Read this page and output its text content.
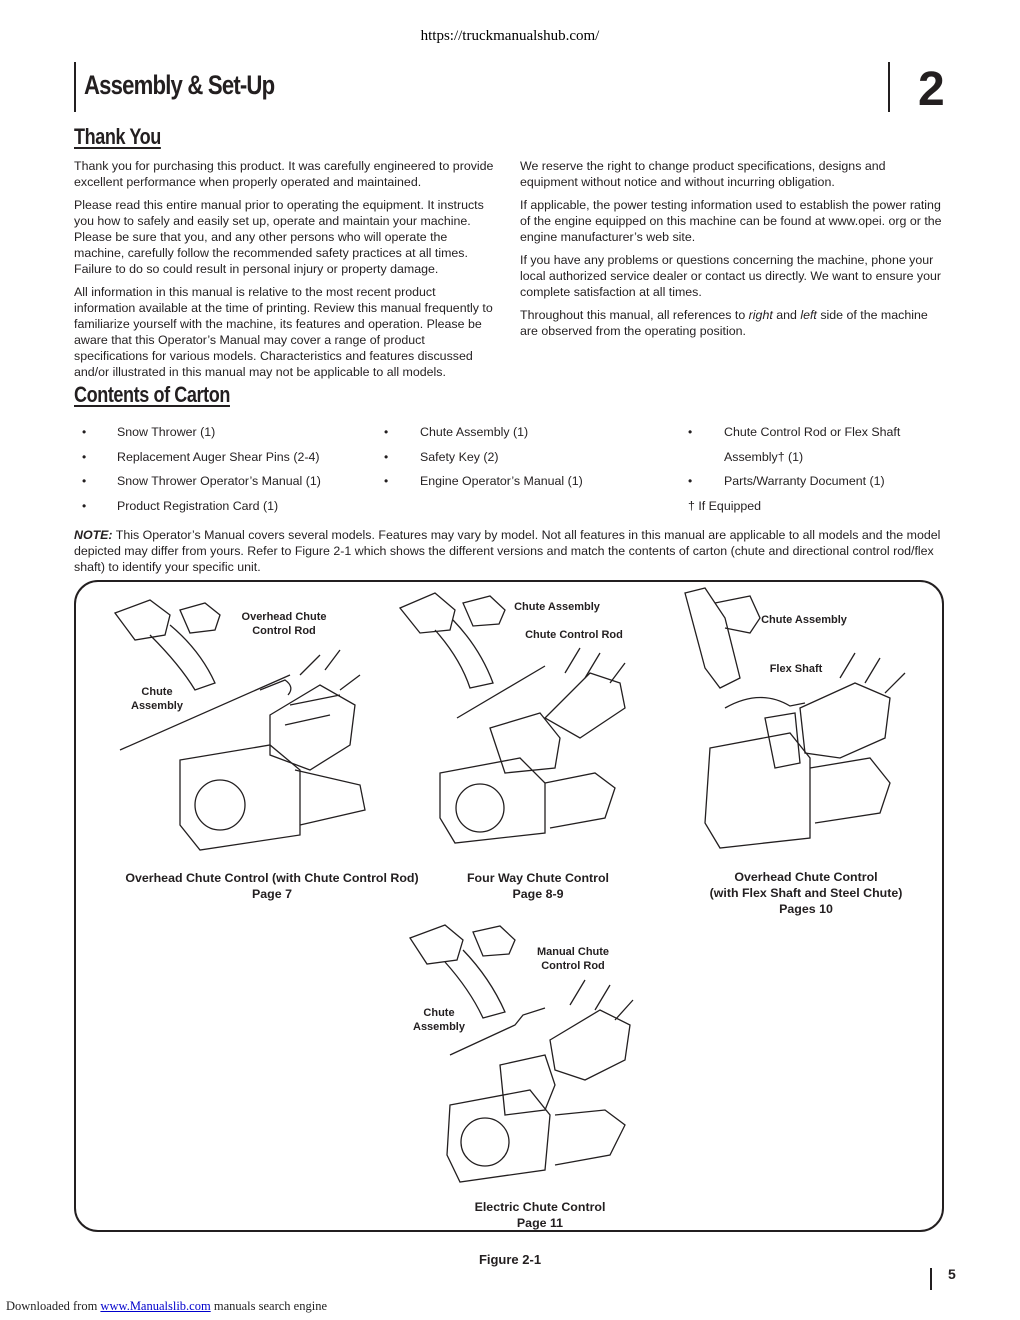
https://truckmanualshub.com/
Assembly & Set-Up	2
Thank You

Thank you for purchasing this product. It was carefully engineered to provide excellent performance when properly operated and maintained.

Please read this entire manual prior to operating the equipment. It instructs you how to safely and easily set up, operate and maintain your machine. Please be sure that you, and any other persons who will operate the machine, carefully follow the recommended safety practices at all times. Failure to do so could result in personal injury or property damage.

All information in this manual is relative to the most recent product information available at the time of printing. Review this manual frequently to familiarize yourself with the machine, its features and operation. Please be aware that this Operator’s Manual may cover a range of product specifications for various models. Characteristics and features discussed and/or illustrated in this manual may not be applicable to all models.

We reserve the right to change product specifications, designs and equipment without notice and without incurring obligation.

If applicable, the power testing information used to establish the power rating of the engine equipped on this machine can be found at www.opei. org or the engine manufacturer’s web site.

If you have any problems or questions concerning the machine, phone your local authorized service dealer or contact us directly. We want to ensure your complete satisfaction at all times.

Throughout this manual, all references to right and left side of the machine are observed from the operating position.

Contents of Carton
• Snow Thrower (1)
• Replacement Auger Shear Pins (2-4)
• Snow Thrower Operator’s Manual (1)
• Product Registration Card (1)
•	Chute Assembly (1)
•	Safety Key (2)
•	Engine Operator’s Manual (1)
•	Chute Control Rod or Flex Shaft
Assembly† (1)
•	Parts/Warranty Document (1)
† If Equipped
NOTE: This Operator’s Manual covers several models. Features may vary by model. Not all features in this manual are applicable to all models and the model depicted may differ from yours. Refer to Figure 2-1 which shows the different versions and match the contents of carton (chute and directional control rod/flex shaft) to identify your specific unit.
Overhead Chute Control Rod
Chute Assembly
Overhead Chute Control (with Chute Control Rod)
Page 7
Chute Assembly
Chute Control Rod
Four Way Chute Control
Page 8-9
Chute Assembly
Flex Shaft
Overhead Chute Control
(with Flex Shaft and Steel Chute)
Pages 10
Manual Chute Control Rod
Chute Assembly
Electric Chute Control
Page 11
Figure 2-1
5
Downloaded from www.Manualslib.com manuals search engine
